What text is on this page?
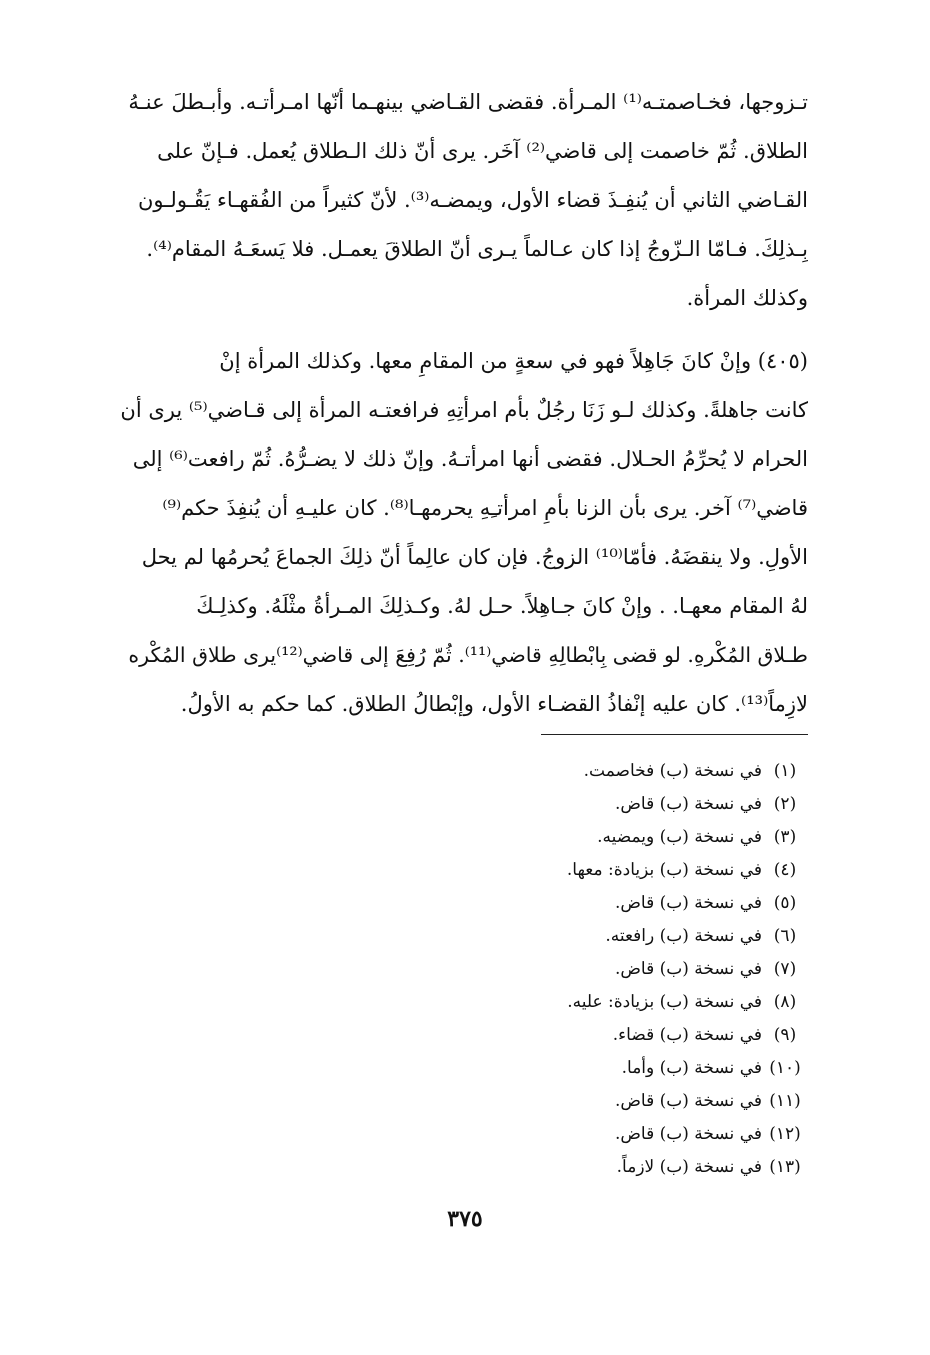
تـزوجها، فخـاصمتـه⁽¹⁾ المـرأة. فقضى القـاضي بينهـما أنّها امـرأتـه. وأبـطلَ عنـهُ
الطلاق. ثُمّ خاصمت إلى قاضي⁽²⁾ آخَر. يرى أنّ ذلك الـطلاق يُعمل. فـإنّ على
القـاضي الثاني أن يُنفِـذَ قضاء الأول، ويمضـه⁽³⁾. لأنّ كثيراً من الفُقهـاء يَقُـولـون
بِـذلِكَ. فـامّا الـزّوجُ إذا كان عـالماً يـرى أنّ الطلاقَ يعمـل. فلا يَسعَـهُ المقام⁽⁴⁾.
وكذلك المرأة.
(٤٠٥) وإنْ كانَ جَاهِلاً فهو في سعةٍ من المقامِ معها. وكذلك المرأة إنْ
كانت جاهلةً. وكذلك لـو زَنَا رجُلٌ بأم امرأتِهِ فرافعتـه المرأة إلى قـاضي⁽⁵⁾ يرى أن
الحرام لا يُحرِّمُ الحـلال. فقضى أنها امرأتـهُ. وإنّ ذلك لا يضـرُّهُ. ثُمّ رافعت⁽⁶⁾ إلى
قاضي⁽⁷⁾ آخر. يرى بأن الزنا بأمِ امرأتـِهِ يحرمهـا⁽⁸⁾. كان عليـهِ أن يُنفِذَ حكم⁽⁹⁾
الأولِ. ولا ينقضَهُ. فأمّا⁽¹⁰⁾ الزوجُ. فإن كان عالِماً أنّ ذلِكَ الجماعَ يُحرمُها لم يحل
لهُ المقام معهـا. . وإنْ كانَ جـاهِلاً. حـل لهُ. وكـذلِكَ المـرأةُ مثْلَهُ. وكذلِـكَ
طـلاق المُكْرهِ. لو قضى بِابْطالِهِ قاضي⁽¹¹⁾. ثُمّ رُفِعَ إلى قاضي⁽¹²⁾يرى طلاق المُكْره
لازِماً⁽¹³⁾. كان عليه إنْفاذُ القضـاء الأول، وإبْطالُ الطلاق. كما حكم به الأولُ.
(١)
في نسخة (ب) فخاصمت.
(٢)
في نسخة (ب) قاض.
(٣)
في نسخة (ب) ويمضيه.
(٤)
في نسخة (ب) بزيادة: معها.
(٥)
في نسخة (ب) قاض.
(٦)
في نسخة (ب) رافعته.
(٧)
في نسخة (ب) قاض.
(٨)
في نسخة (ب) بزيادة: عليه.
(٩)
في نسخة (ب) قضاء.
(١٠)
في نسخة (ب) وأما.
(١١)
في نسخة (ب) قاض.
(١٢)
في نسخة (ب) قاض.
(١٣)
في نسخة (ب) لازماً.
٣٧٥
